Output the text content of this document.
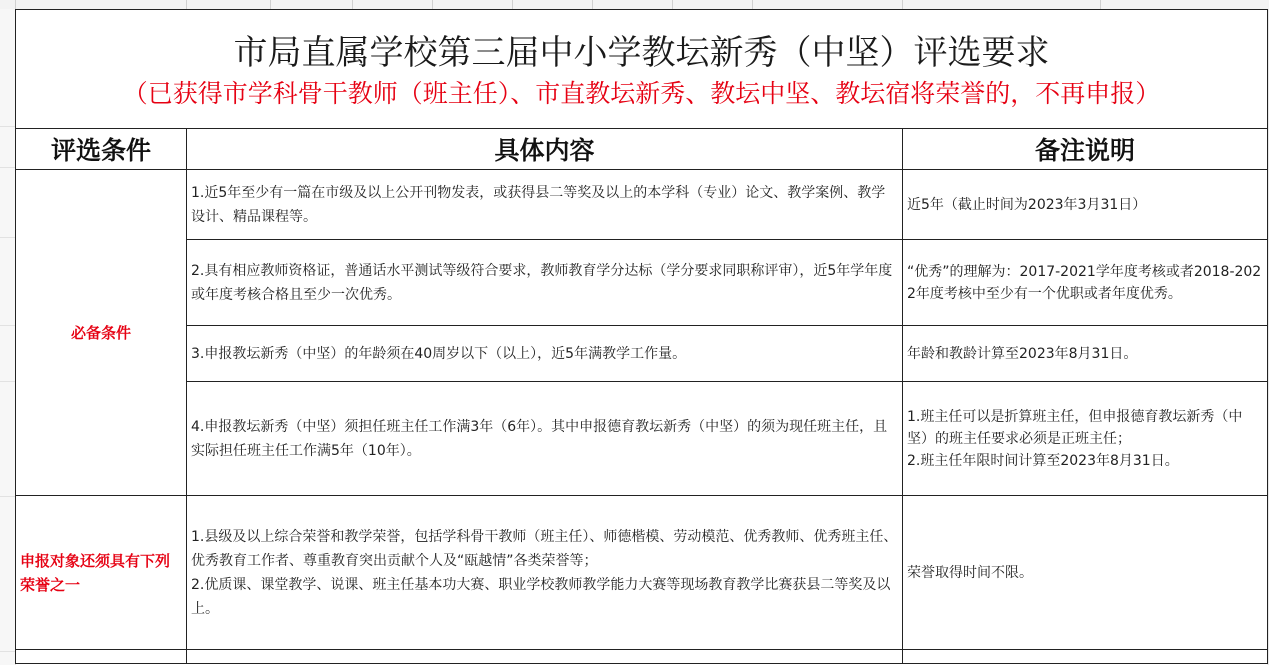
市局直属学校第三届中小学教坛新秀（中坚）评选要求
（已获得市学科骨干教师（班主任）、市直教坛新秀、教坛中坚、教坛宿将荣誉的，不再申报）		

评选条件	具体内容	备注说明
必备条件	1.近5年至少有一篇在市级及以上公开刊物发表，或获得县二等奖及以上的本学科（专业）论文、教学案例、教学设计、精品课程等。	近5年（截止时间为2023年3月31日）
	2.具有相应教师资格证，普通话水平测试等级符合要求，教师教育学分达标（学分要求同职称评审），近5年学年度或年度考核合格且至少一次优秀。	“优秀”的理解为：2017-2021学年度考核或者2018-2022年度考核中至少有一个优职或者年度优秀。
	3.申报教坛新秀（中坚）的年龄须在40周岁以下（以上），近5年满教学工作量。	年龄和教龄计算至2023年8月31日。
	4.申报教坛新秀（中坚）须担任班主任工作满3年（6年）。其中申报德育教坛新秀（中坚）的须为现任班主任，且实际担任班主任工作满5年（10年）。	1.班主任可以是折算班主任，但申报德育教坛新秀（中坚）的班主任要求必须是正班主任；
2.班主任年限时间计算至2023年8月31日。

申报对象还须具有下列荣誉之一	1.县级及以上综合荣誉和教学荣誉，包括学科骨干教师（班主任）、师德楷模、劳动模范、优秀教师、优秀班主任、优秀教育工作者、尊重教育突出贡献个人及“瓯越情”各类荣誉等；
2.优质课、课堂教学、说课、班主任基本功大赛、职业学校教师教学能力大赛等现场教育教学比赛获县二等奖及以上。	荣誉取得时间不限。
